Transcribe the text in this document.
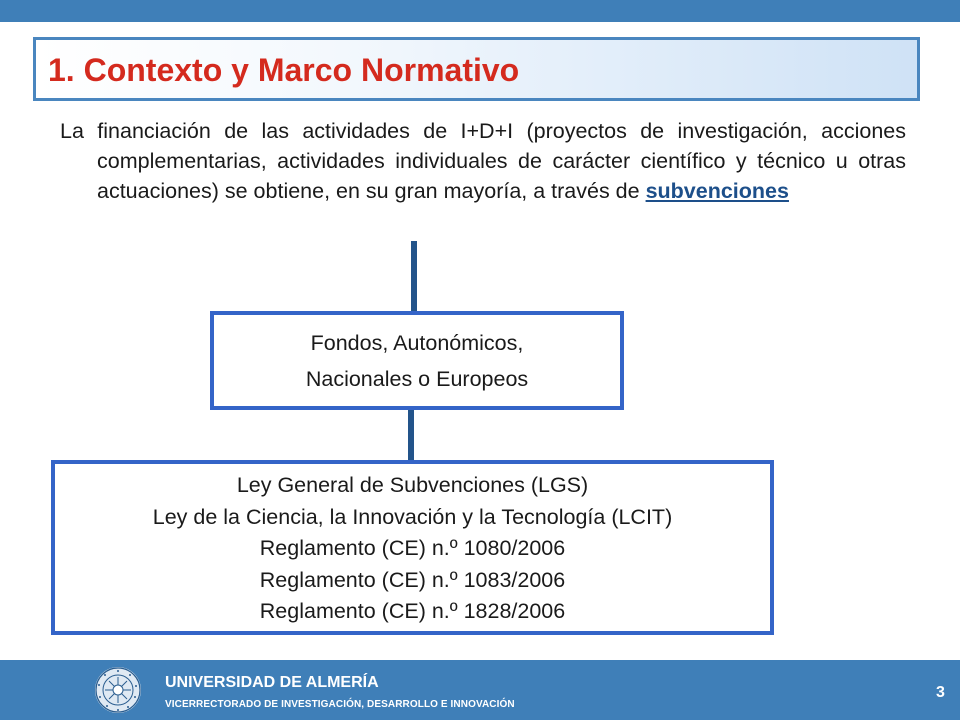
1. Contexto y Marco Normativo
La financiación de las actividades de I+D+I (proyectos de investigación, acciones complementarias, actividades individuales de carácter científico y técnico u otras actuaciones) se obtiene, en su gran mayoría, a través de subvenciones
Fondos, Autonómicos,
Nacionales o Europeos
Ley General de Subvenciones (LGS)
Ley de la Ciencia, la Innovación y la Tecnología (LCIT)
Reglamento (CE) n.º 1080/2006
Reglamento (CE) n.º 1083/2006
Reglamento (CE) n.º 1828/2006
UNIVERSIDAD DE ALMERÍA
VICERRECTORADO DE INVESTIGACIÓN, DESARROLLO E INNOVACIÓN
3
